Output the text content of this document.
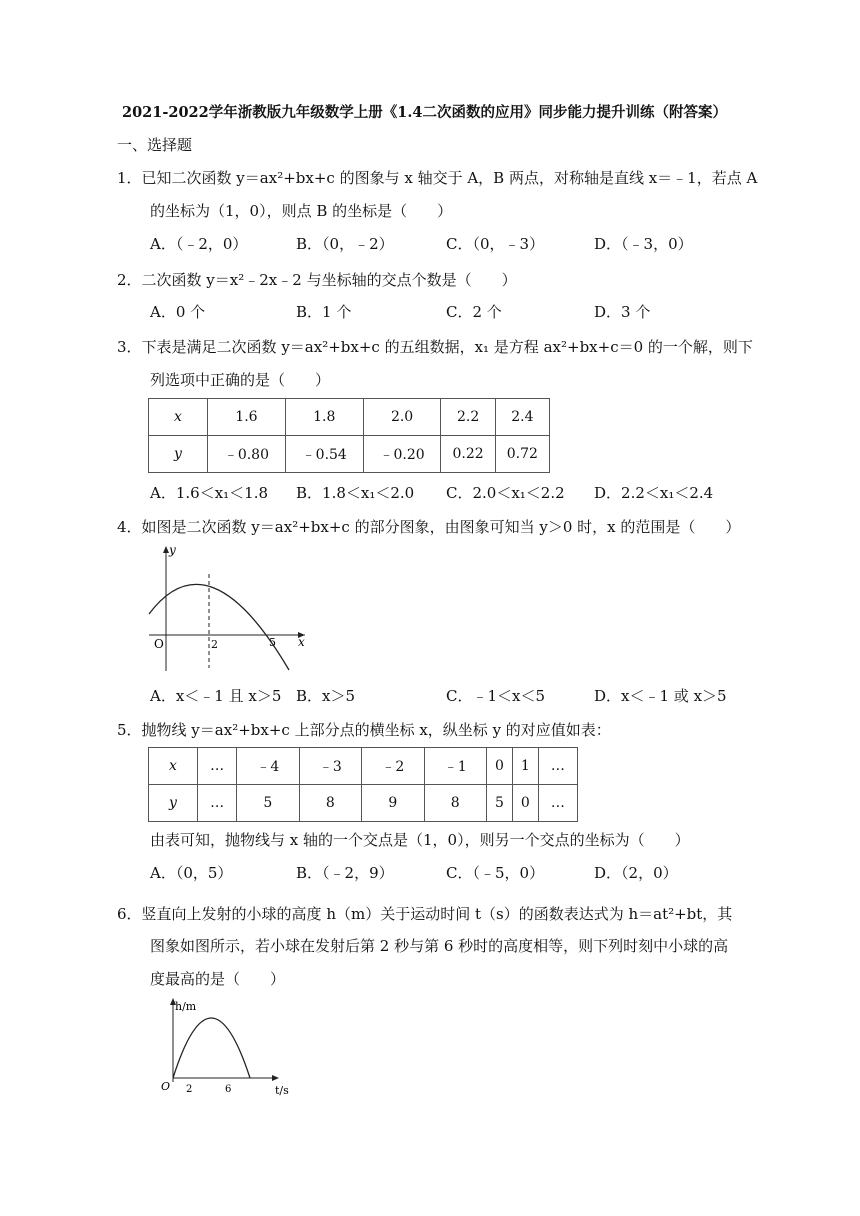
2021-2022学年浙教版九年级数学上册《1.4二次函数的应用》同步能力提升训练（附答案）
一、选择题
1．已知二次函数 y＝ax²+bx+c 的图象与 x 轴交于 A，B 两点，对称轴是直线 x＝﹣1，若点 A
的坐标为（1，0），则点 B 的坐标是（　　）
A．（﹣2，0）	B．（0，﹣2）	C．（0，﹣3）	D．（﹣3，0）
2．二次函数 y＝x²﹣2x﹣2 与坐标轴的交点个数是（　　）
A．0 个	B．1 个	C．2 个	D．3 个
3．下表是满足二次函数 y＝ax²+bx+c 的五组数据，x₁ 是方程 ax²+bx+c＝0 的一个解，则下
列选项中正确的是（　　）
x	1.6	1.8	2.0	2.2	2.4
y	﹣0.80	﹣0.54	﹣0.20	0.22	0.72
A．1.6＜x₁＜1.8 B．1.8＜x₁＜2.0 C．2.0＜x₁＜2.2 D．2.2＜x₁＜2.4
4．如图是二次函数 y＝ax²+bx+c 的部分图象，由图象可知当 y＞0 时，x 的范围是（　　）
y
x
O	2	5
A．x＜﹣1 且 x＞5 B．x＞5	C．﹣1＜x＜5	D．x＜﹣1 或 x＞5
5．抛物线 y＝ax²+bx+c 上部分点的横坐标 x，纵坐标 y 的对应值如表：
x	…	﹣4	﹣3	﹣2	﹣1	0	1	…
y	…	5	8	9	8	5	0	…
由表可知，抛物线与 x 轴的一个交点是（1，0），则另一个交点的坐标为（　　）
A．（0，5）	B．（﹣2，9）	C．（﹣5，0）	D．（2，0）
6．竖直向上发射的小球的高度 h（m）关于运动时间 t（s）的函数表达式为 h＝at²+bt，其
图象如图所示，若小球在发射后第 2 秒与第 6 秒时的高度相等，则下列时刻中小球的高
度最高的是（　　）
h/m
t/s
O 2	6
